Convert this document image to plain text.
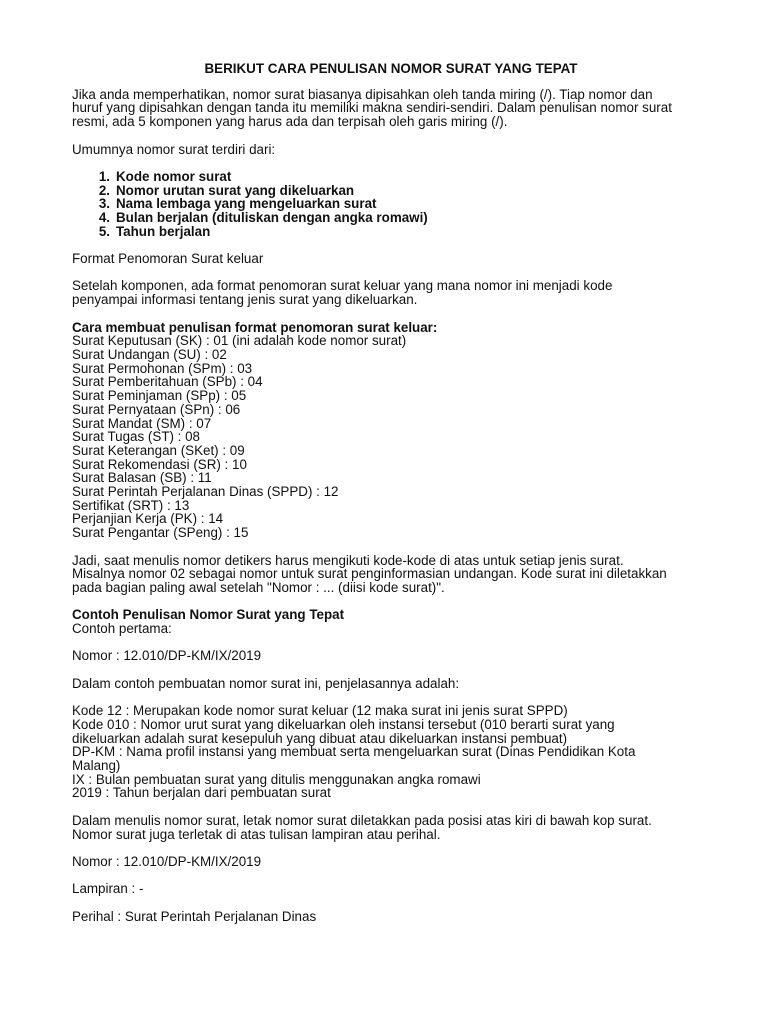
BERIKUT CARA PENULISAN NOMOR SURAT YANG TEPAT

Jika anda memperhatikan, nomor surat biasanya dipisahkan oleh tanda miring (/). Tiap nomor dan

huruf yang dipisahkan dengan tanda itu memiliki makna sendiri-sendiri. Dalam penulisan nomor surat

resmi, ada 5 komponen yang harus ada dan terpisah oleh garis miring (/).

Umumnya nomor surat terdiri dari:

1. Kode nomor surat
2. Nomor urutan surat yang dikeluarkan
3. Nama lembaga yang mengeluarkan surat
4. Bulan berjalan (dituliskan dengan angka romawi)
5. Tahun berjalan

Format Penomoran Surat keluar

Setelah komponen, ada format penomoran surat keluar yang mana nomor ini menjadi kode

penyampai informasi tentang jenis surat yang dikeluarkan.

Cara membuat penulisan format penomoran surat keluar:

Surat Keputusan (SK) : 01 (ini adalah kode nomor surat)

Surat Undangan (SU) : 02

Surat Permohonan (SPm) : 03

Surat Pemberitahuan (SPb) : 04

Surat Peminjaman (SPp) : 05

Surat Pernyataan (SPn) : 06

Surat Mandat (SM) : 07

Surat Tugas (ST) : 08

Surat Keterangan (SKet) : 09

Surat Rekomendasi (SR) : 10

Surat Balasan (SB) : 11

Surat Perintah Perjalanan Dinas (SPPD) : 12

Sertifikat (SRT) : 13

Perjanjian Kerja (PK) : 14

Surat Pengantar (SPeng) : 15

Jadi, saat menulis nomor detikers harus mengikuti kode-kode di atas untuk setiap jenis surat.

Misalnya nomor 02 sebagai nomor untuk surat penginformasian undangan. Kode surat ini diletakkan

pada bagian paling awal setelah "Nomor : ... (diisi kode surat)".

Contoh Penulisan Nomor Surat yang Tepat

Contoh pertama:

Nomor : 12.010/DP-KM/IX/2019

Dalam contoh pembuatan nomor surat ini, penjelasannya adalah:

Kode 12 : Merupakan kode nomor surat keluar (12 maka surat ini jenis surat SPPD)

Kode 010 : Nomor urut surat yang dikeluarkan oleh instansi tersebut (010 berarti surat yang

dikeluarkan adalah surat kesepuluh yang dibuat atau dikeluarkan instansi pembuat)

DP-KM : Nama profil instansi yang membuat serta mengeluarkan surat (Dinas Pendidikan Kota

Malang)

IX : Bulan pembuatan surat yang ditulis menggunakan angka romawi

2019 : Tahun berjalan dari pembuatan surat

Dalam menulis nomor surat, letak nomor surat diletakkan pada posisi atas kiri di bawah kop surat.

Nomor surat juga terletak di atas tulisan lampiran atau perihal.

Nomor : 12.010/DP-KM/IX/2019

Lampiran : -

Perihal : Surat Perintah Perjalanan Dinas
